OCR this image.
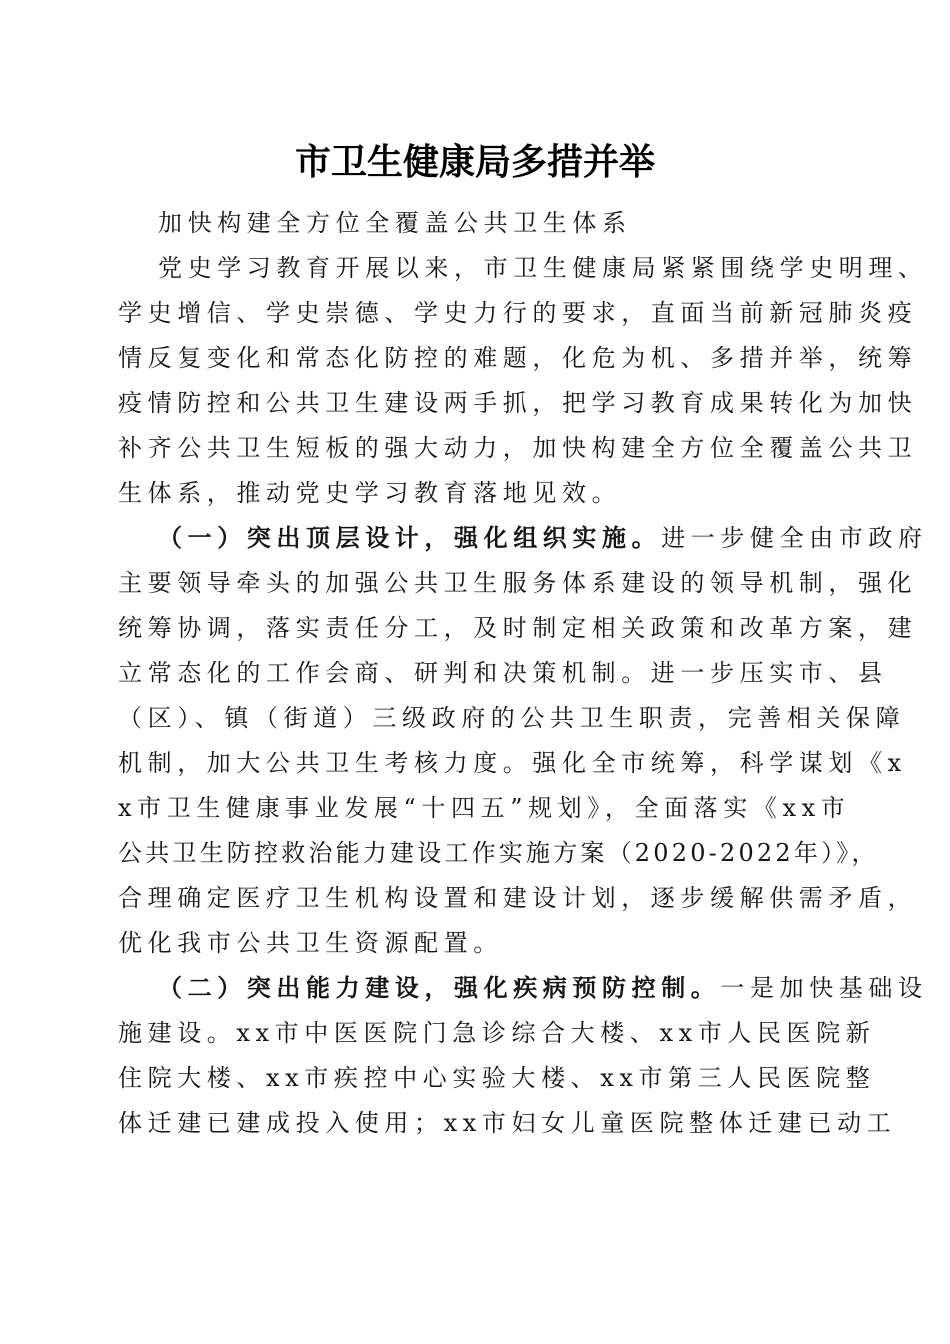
市卫生健康局多措并举
加快构建全方位全覆盖公共卫生体系
党史学习教育开展以来，市卫生健康局紧紧围绕学史明理、
学史增信、学史崇德、学史力行的要求，直面当前新冠肺炎疫
情反复变化和常态化防控的难题，化危为机、多措并举，统筹
疫情防控和公共卫生建设两手抓，把学习教育成果转化为加快
补齐公共卫生短板的强大动力，加快构建全方位全覆盖公共卫
生体系，推动党史学习教育落地见效。
（一）突出顶层设计，强化组织实施。进一步健全由市政府
主要领导牵头的加强公共卫生服务体系建设的领导机制，强化
统筹协调，落实责任分工，及时制定相关政策和改革方案，建
立常态化的工作会商、研判和决策机制。进一步压实市、县
（区）、镇（街道）三级政府的公共卫生职责，完善相关保障
机制，加大公共卫生考核力度。强化全市统筹，科学谋划《x
x市卫生健康事业发展“十四五”规划》，全面落实《xx市
公共卫生防控救治能力建设工作实施方案（2020-2022年）》，
合理确定医疗卫生机构设置和建设计划，逐步缓解供需矛盾，
优化我市公共卫生资源配置。
（二）突出能力建设，强化疾病预防控制。一是加快基础设
施建设。xx市中医医院门急诊综合大楼、xx市人民医院新
住院大楼、xx市疾控中心实验大楼、xx市第三人民医院整
体迁建已建成投入使用；xx市妇女儿童医院整体迁建已动工
